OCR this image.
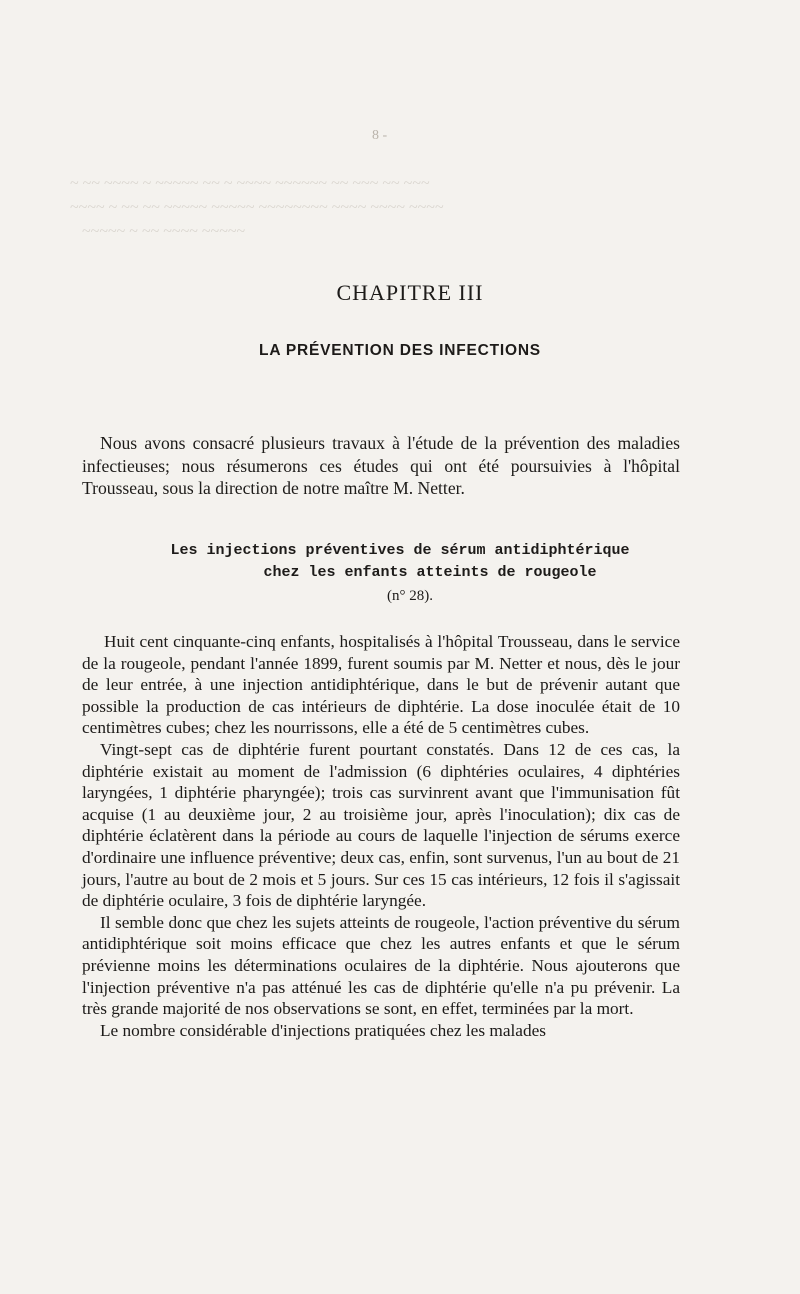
8 -
~ ~~ ~~~~ ~ ~~~~~ ~~ ~ ~~~~ ~~~~~~ ~~ ~~~ ~~ ~~~
~~~~ ~ ~~ ~~ ~~~~~ ~~~~~ ~~~~~~~~ ~~~~ ~~~~ ~~~~
~~~~~ ~ ~~ ~~~~ ~~~~~
CHAPITRE III
LA PRÉVENTION DES INFECTIONS

Nous avons consacré plusieurs travaux à l'étude de la prévention des maladies infectieuses; nous résumerons ces études qui ont été poursuivies à l'hôpital Trousseau, sous la direction de notre maître M. Netter.

Les injections préventives de sérum antidiphtérique
chez les enfants atteints de rougeole
(n° 28).

Huit cent cinquante-cinq enfants, hospitalisés à l'hôpital Trousseau, dans le service de la rougeole, pendant l'année 1899, furent soumis par M. Netter et nous, dès le jour de leur entrée, à une injection antidiphtérique, dans le but de prévenir autant que possible la production de cas intérieurs de diphtérie. La dose inoculée était de 10 centimètres cubes; chez les nourrissons, elle a été de 5 centimètres cubes.

Vingt-sept cas de diphtérie furent pourtant constatés. Dans 12 de ces cas, la diphtérie existait au moment de l'admission (6 diphtéries oculaires, 4 diphtéries laryngées, 1 diphtérie pharyngée); trois cas survinrent avant que l'immunisation fût acquise (1 au deuxième jour, 2 au troisième jour, après l'inoculation); dix cas de diphtérie éclatèrent dans la période au cours de laquelle l'injection de sérums exerce d'ordinaire une influence préventive; deux cas, enfin, sont survenus, l'un au bout de 21 jours, l'autre au bout de 2 mois et 5 jours. Sur ces 15 cas intérieurs, 12 fois il s'agissait de diphtérie oculaire, 3 fois de diphtérie laryngée.

Il semble donc que chez les sujets atteints de rougeole, l'action préventive du sérum antidiphtérique soit moins efficace que chez les autres enfants et que le sérum prévienne moins les déterminations oculaires de la diphtérie. Nous ajouterons que l'injection préventive n'a pas atténué les cas de diphtérie qu'elle n'a pu prévenir. La très grande majorité de nos observations se sont, en effet, terminées par la mort.

Le nombre considérable d'injections pratiquées chez les malades
